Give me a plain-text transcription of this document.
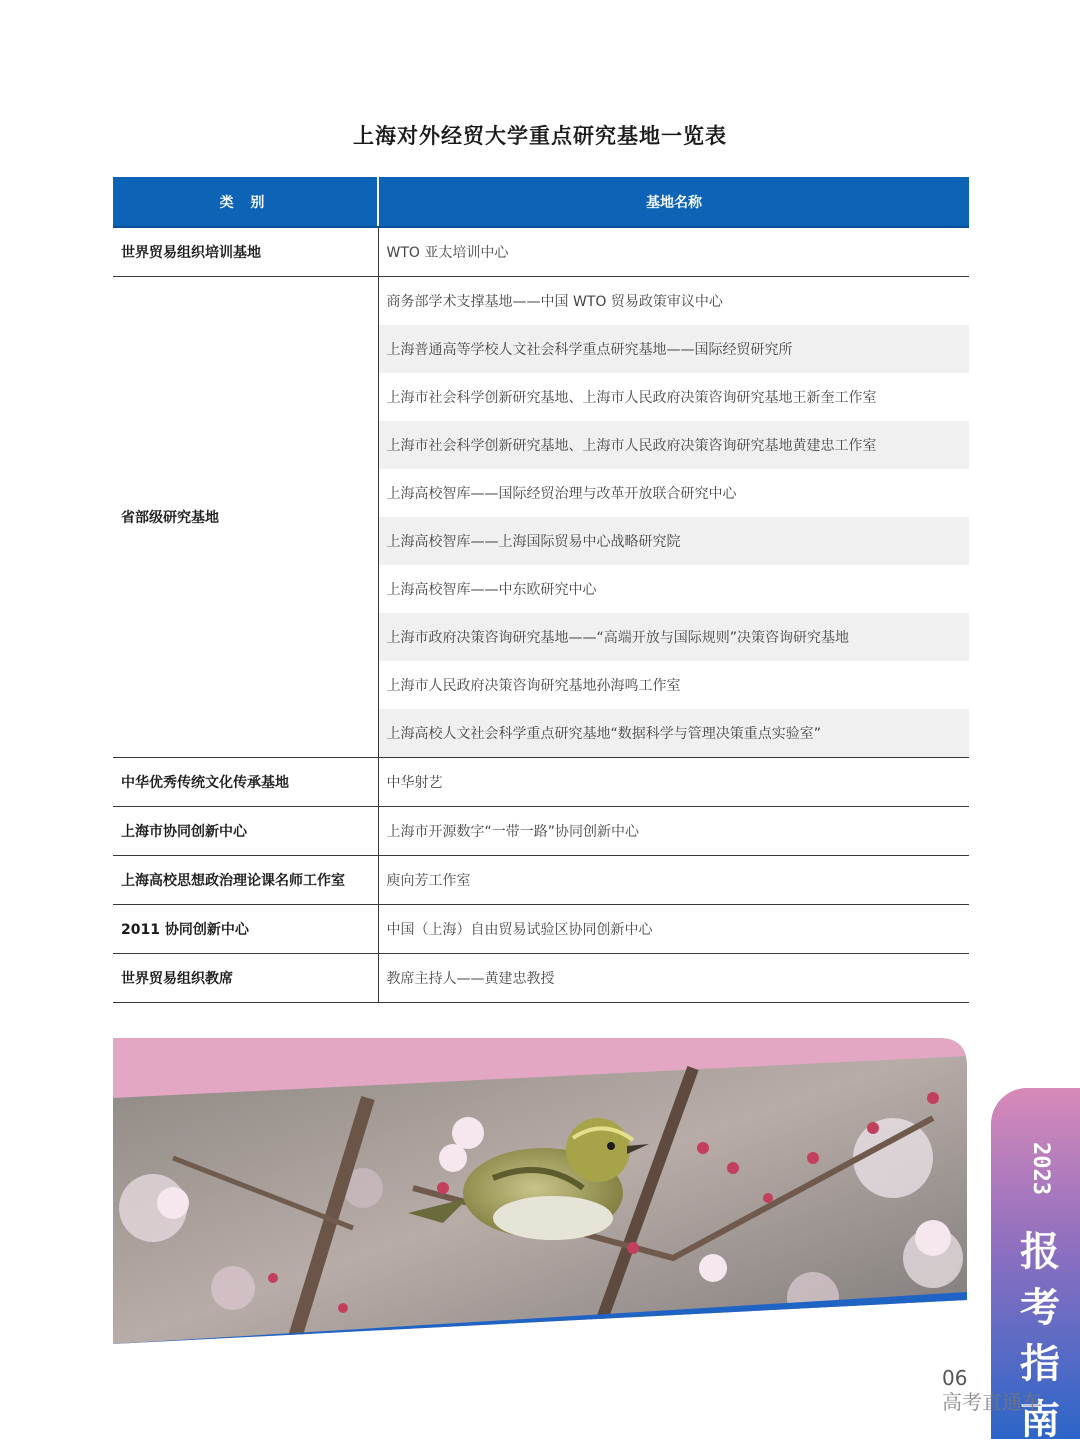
上海对外经贸大学重点研究基地一览表
类 别	基地名称
世界贸易组织培训基地	WTO 亚太培训中心
省部级研究基地	商务部学术支撑基地——中国 WTO 贸易政策审议中心
	上海普通高等学校人文社会科学重点研究基地——国际经贸研究所
	上海市社会科学创新研究基地、上海市人民政府决策咨询研究基地王新奎工作室
	上海市社会科学创新研究基地、上海市人民政府决策咨询研究基地黄建忠工作室
	上海高校智库——国际经贸治理与改革开放联合研究中心
	上海高校智库——上海国际贸易中心战略研究院
	上海高校智库——中东欧研究中心
	上海市政府决策咨询研究基地——“高端开放与国际规则”决策咨询研究基地
	上海市人民政府决策咨询研究基地孙海鸣工作室
	上海高校人文社会科学重点研究基地“数据科学与管理决策重点实验室”
中华优秀传统文化传承基地	中华射艺
上海市协同创新中心	上海市开源数字“一带一路”协同创新中心
上海高校思想政治理论课名师工作室	庾向芳工作室
2011 协同创新中心	中国（上海）自由贸易试验区协同创新中心
世界贸易组织教席	教席主持人——黄建忠教授
2023
报
考
指
南
06
高考直通车
